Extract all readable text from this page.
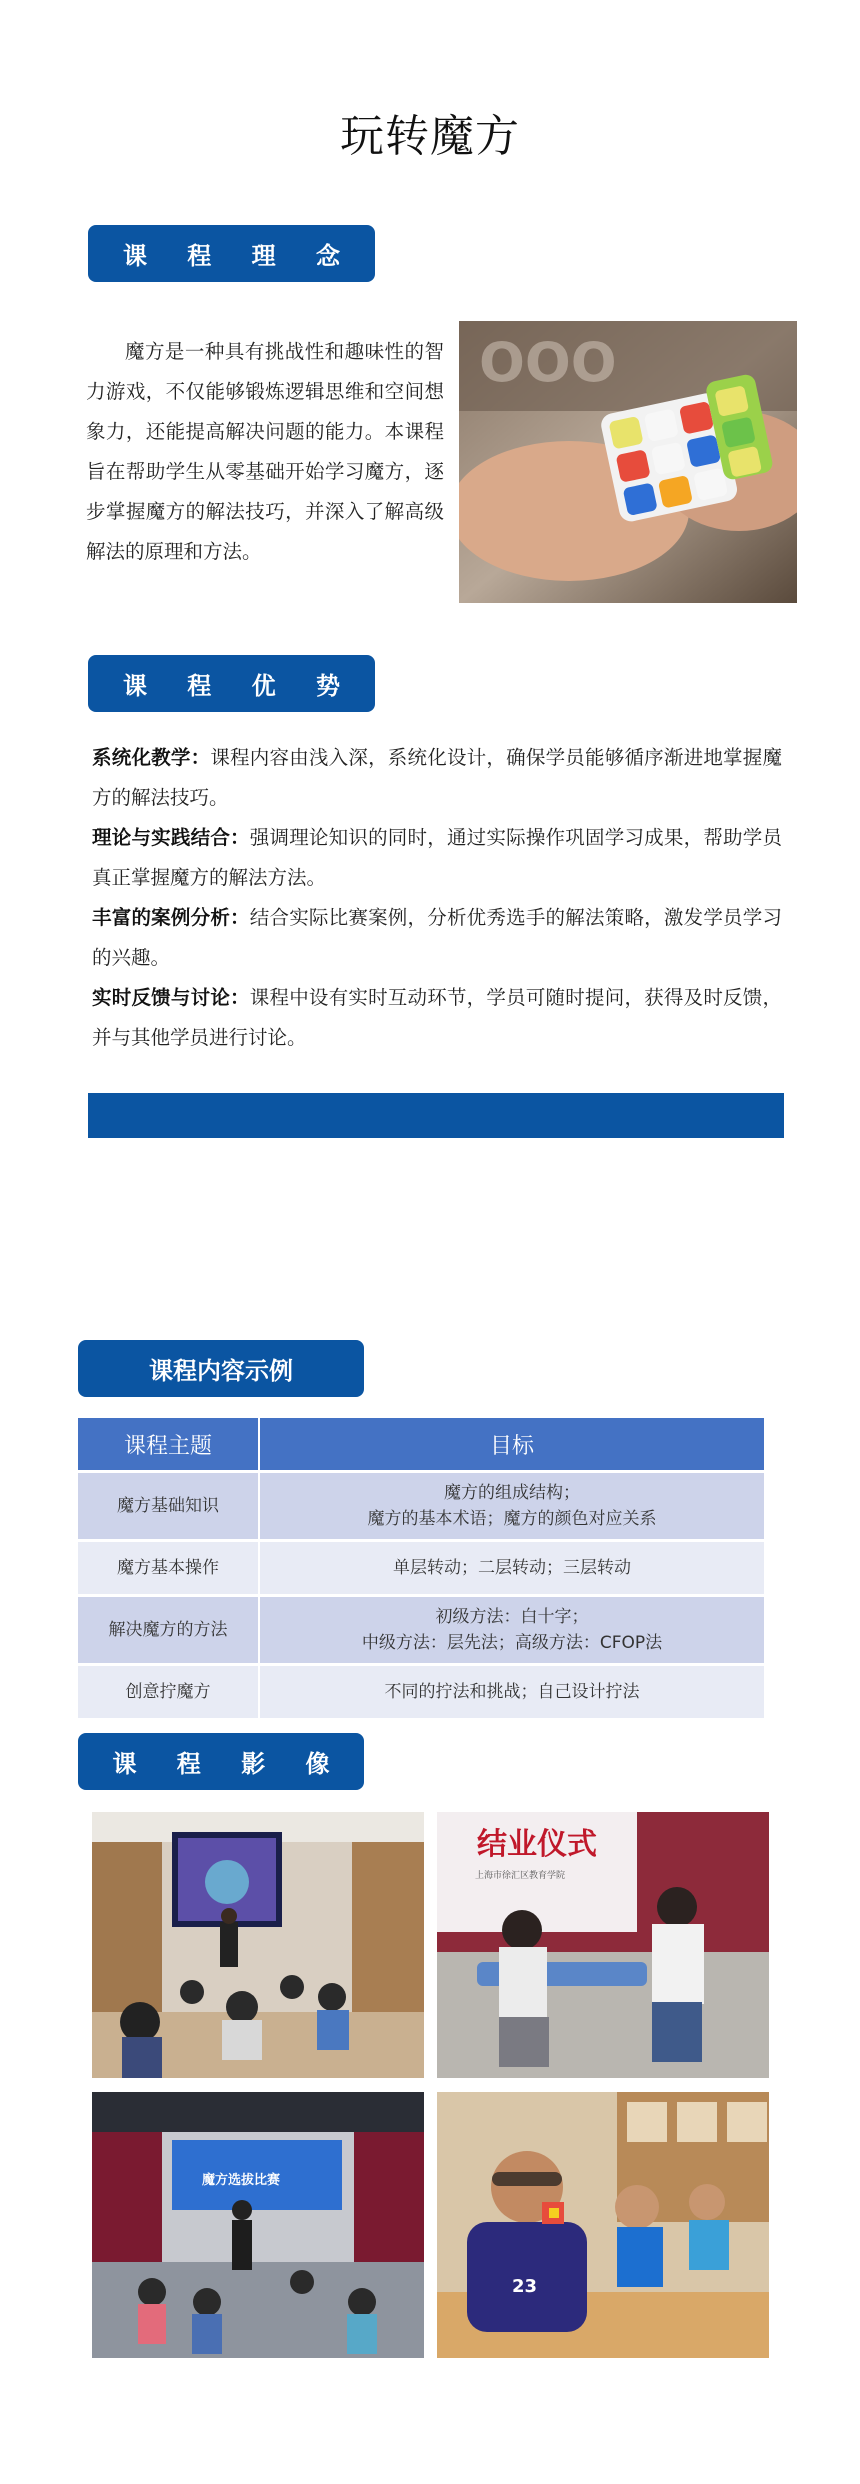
玩转魔方
课 程 理 念
魔方是一种具有挑战性和趣味性的智力游戏，不仅能够锻炼逻辑思维和空间想象力，还能提高解决问题的能力。本课程旨在帮助学生从零基础开始学习魔方，逐步掌握魔方的解法技巧，并深入了解高级解法的原理和方法。
OOO
课 程 优 势

系统化教学：课程内容由浅入深，系统化设计，确保学员能够循序渐进地掌握魔方的解法技巧。

理论与实践结合：强调理论知识的同时，通过实际操作巩固学习成果，帮助学员真正掌握魔方的解法方法。

丰富的案例分析：结合实际比赛案例，分析优秀选手的解法策略，激发学员学习的兴趣。

实时反馈与讨论：课程中设有实时互动环节，学员可随时提问，获得及时反馈，并与其他学员进行讨论。

课程内容示例
课程主题	目标
魔方基础知识	魔方的组成结构；
魔方的基本术语；魔方的颜色对应关系

魔方基本操作	单层转动；二层转动；三层转动

解决魔方的方法	初级方法：白十字；
中级方法：层先法；高级方法：CFOP法

创意拧魔方	不同的拧法和挑战；自己设计拧法
课 程 影 像
结业仪式
上海市徐汇区教育学院
魔方选拔比赛
23
